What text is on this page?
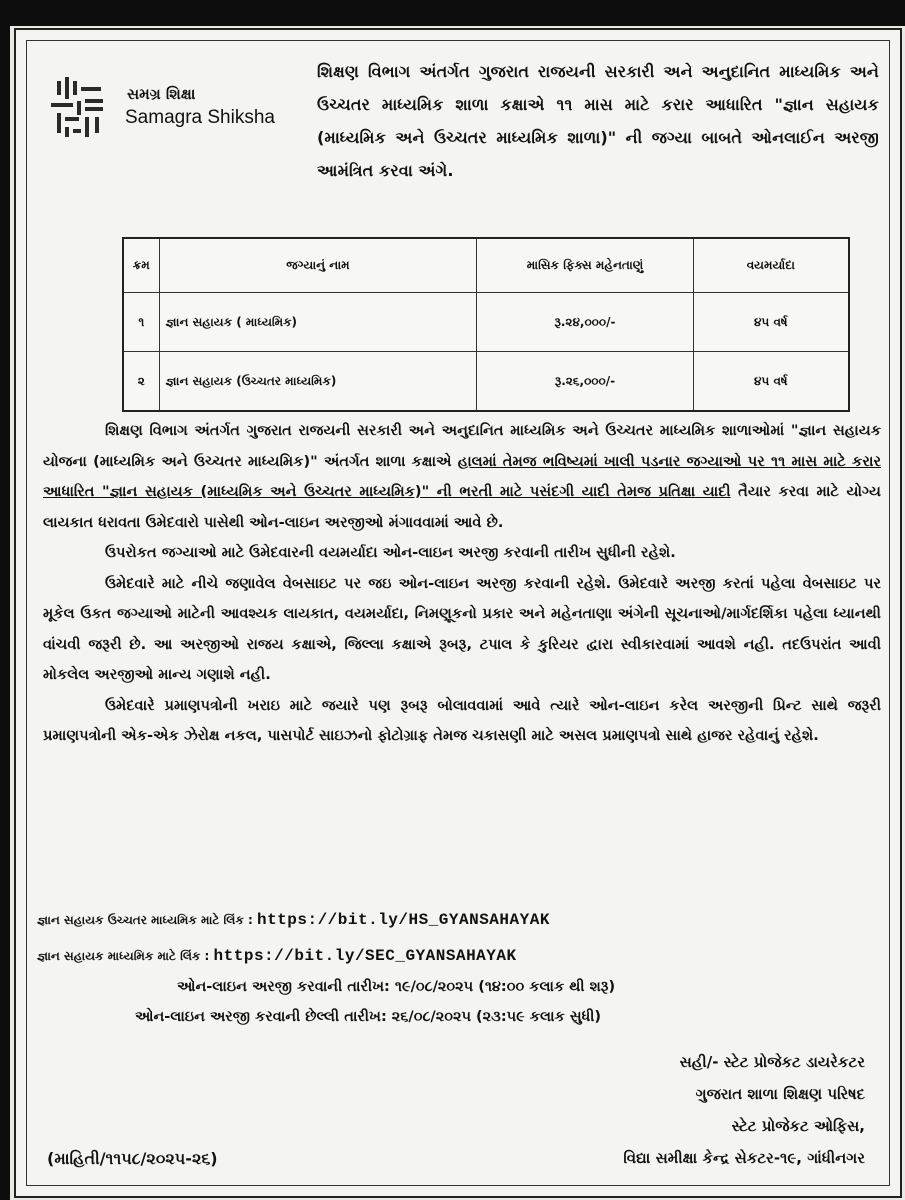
સમગ્ર શિક્ષા
Samagra Shiksha
શિક્ષણ વિભાગ અંતર્ગત ગુજરાત રાજયની સરકારી અને અનુદાનિત માધ્યમિક અને ઉચ્ચતર માધ્યમિક શાળા કક્ષાએ ૧૧ માસ માટે કરાર આધારિત "જ્ઞાન સહાયક (માધ્યમિક અને ઉચ્ચતર માધ્યમિક શાળા)" ની જગ્યા બાબતે ઓનલાઈન અરજી આમંત્રિત કરવા અંગે.
ક્રમ	જગ્યાનું નામ	માસિક ફિક્સ મહેનતાણું	વયમર્યાદા
૧	જ્ઞાન સહાયક ( માધ્યમિક)	રૂ.૨૪,૦૦૦/-	૪૫ વર્ષ
૨	જ્ઞાન સહાયક (ઉચ્ચતર માધ્યમિક)	રૂ.૨૬,૦૦૦/-	૪૫ વર્ષ

શિક્ષણ વિભાગ અંતર્ગત ગુજરાત રાજયની સરકારી અને અનુદાનિત માધ્યમિક અને ઉચ્ચતર માધ્યમિક શાળાઓમાં "જ્ઞાન સહાયક યોજના (માધ્યમિક અને ઉચ્ચતર માધ્યમિક)" અંતર્ગત શાળા કક્ષાએ હાલમાં તેમજ ભવિષ્યમાં ખાલી પડનાર જગ્યાઓ પર ૧૧ માસ માટે કરાર આધારિત "જ્ઞાન સહાયક (માધ્યમિક અને ઉચ્ચતર માધ્યમિક)" ની ભરતી માટે પસંદગી યાદી તેમજ પ્રતિક્ષા યાદી તૈયાર કરવા માટે યોગ્ય લાયકાત ધરાવતા ઉમેદવારો પાસેથી ઓન-લાઇન અરજીઓ મંગાવવામાં આવે છે.

ઉપરોકત જગ્યાઓ માટે ઉમેદવારની વયમર્યાદા ઓન-લાઇન અરજી કરવાની તારીખ સુધીની રહેશે.

ઉમેદવારે માટે નીચે જણાવેલ વેબસાઇટ પર જઇ ઓન-લાઇન અરજી કરવાની રહેશે. ઉમેદવારે અરજી કરતાં પહેલા વેબસાઇટ પર મૂકેલ ઉકત જગ્યાઓ માટેની આવશ્યક લાયકાત, વયમર્યાદા, નિમણૂકનો પ્રકાર અને મહેનતાણા અંગેની સૂચનાઓ/માર્ગદર્શિકા પહેલા ધ્યાનથી વાંચવી જરૂરી છે. આ અરજીઓ રાજય કક્ષાએ, જિલ્લા કક્ષાએ રૂબરૂ, ટપાલ કે કુરિયર દ્વારા સ્વીકારવામાં આવશે નહી. તદઉપરાંત આવી મોકલેલ અરજીઓ માન્ય ગણાશે નહી.

ઉમેદવારે પ્રમાણપત્રોની ખરાઇ માટે જયારે પણ રૂબરૂ બોલાવવામાં આવે ત્યારે ઓન-લાઇન કરેલ અરજીની પ્રિન્ટ સાથે જરૂરી પ્રમાણપત્રોની એક-એક ઝેરોક્ષ નકલ, પાસપોર્ટ સાઇઝનો ફોટોગ્રાફ તેમજ ચકાસણી માટે અસલ પ્રમાણપત્રો સાથે હાજર રહેવાનું રહેશે.

જ્ઞાન સહાયક ઉચ્ચતર માધ્યમિક માટે લિંક : https://bit.ly/HS_GYANSAHAYAK
જ્ઞાન સહાયક માધ્યમિક માટે લિંક : https://bit.ly/SEC_GYANSAHAYAK
ઓન-લાઇન અરજી કરવાની તારીખ: ૧૯/૦૮/૨૦૨૫ (૧૪:૦૦ કલાક થી શરૂ)
ઓન-લાઇન અરજી કરવાની છેલ્લી તારીખ: ૨૬/૦૮/૨૦૨૫ (૨૩:૫૯ કલાક સુધી)
સહી/- સ્ટેટ પ્રોજેકટ ડાયરેકટર
ગુજરાત શાળા શિક્ષણ પરિષદ
સ્ટેટ પ્રોજેકટ ઓફિસ,
વિદ્યા સમીક્ષા કેન્દ્ર સેકટર-૧૯, ગાંધીનગર
(માહિતી/૧૧૫૮/૨૦૨૫-૨૬)
